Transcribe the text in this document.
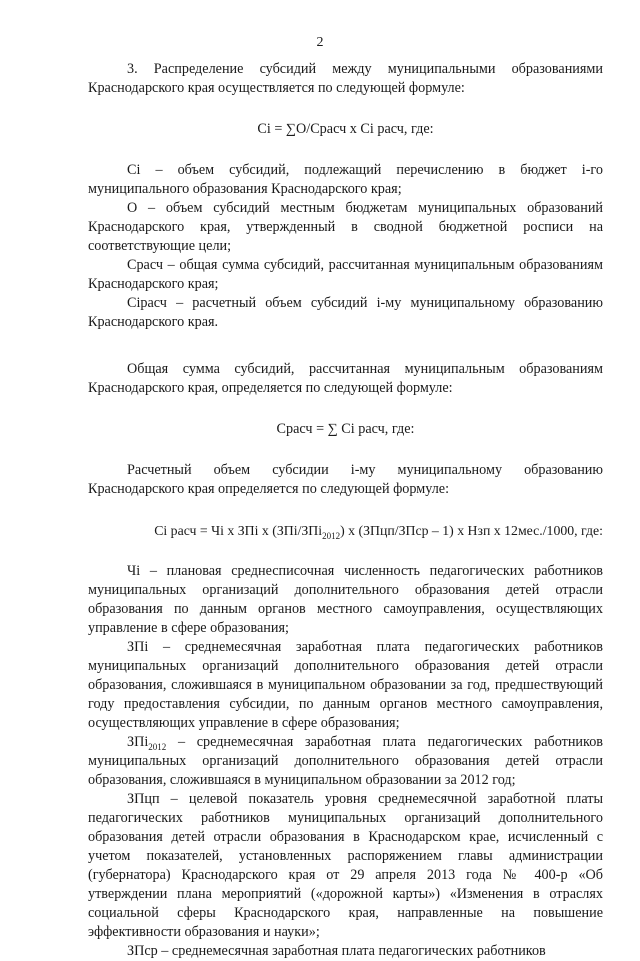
2

3. Распределение субсидий между муниципальными образованиями Краснодарского края осуществляется по следующей формуле:

Сi = ∑О/Срасч х Сi расч, где:

Сi – объем субсидий, подлежащий перечислению в бюджет i-го муниципального образования Краснодарского края;

О – объем субсидий местным бюджетам муниципальных образований Краснодарского края, утвержденный в сводной бюджетной росписи на соответствующие цели;

Срасч – общая сумма субсидий, рассчитанная муниципальным образованиям Краснодарского края;

Сiрасч – расчетный объем субсидий i-му муниципальному образованию Краснодарского края.

Общая сумма субсидий, рассчитанная муниципальным образованиям Краснодарского края, определяется по следующей формуле:

Срасч = ∑ Сi расч, где:

Расчетный объем субсидии i-му муниципальному образованию Краснодарского края определяется по следующей формуле:

Сi расч = Чi х ЗПi х (ЗПi/ЗПi$_{2012}$) х (ЗПцп/ЗПср – 1) х Нзп х 12мес./1000, где:

Чi – плановая среднесписочная численность педагогических работников муниципальных организаций дополнительного образования детей отрасли образования по данным органов местного самоуправления, осуществляющих управление в сфере образования;

ЗПi – среднемесячная заработная плата педагогических работников муниципальных организаций дополнительного образования детей отрасли образования, сложившаяся в муниципальном образовании за год, предшествующий году предоставления субсидии, по данным органов местного самоуправления, осуществляющих управление в сфере образования;

ЗПi$_{2012}$ – среднемесячная заработная плата педагогических работников муниципальных организаций дополнительного образования детей отрасли образования, сложившаяся в муниципальном образовании за 2012 год;

ЗПцп – целевой показатель уровня среднемесячной заработной платы педагогических работников муниципальных организаций дополнительного образования детей отрасли образования в Краснодарском крае, исчисленный с учетом показателей, установленных распоряжением главы администрации (губернатора) Краснодарского края от 29 апреля 2013 года № 400-р «Об утверждении плана мероприятий («дорожной карты») «Изменения в отраслях социальной сферы Краснодарского края, направленные на повышение эффективности образования и науки»;

ЗПср – среднемесячная заработная плата педагогических работников
